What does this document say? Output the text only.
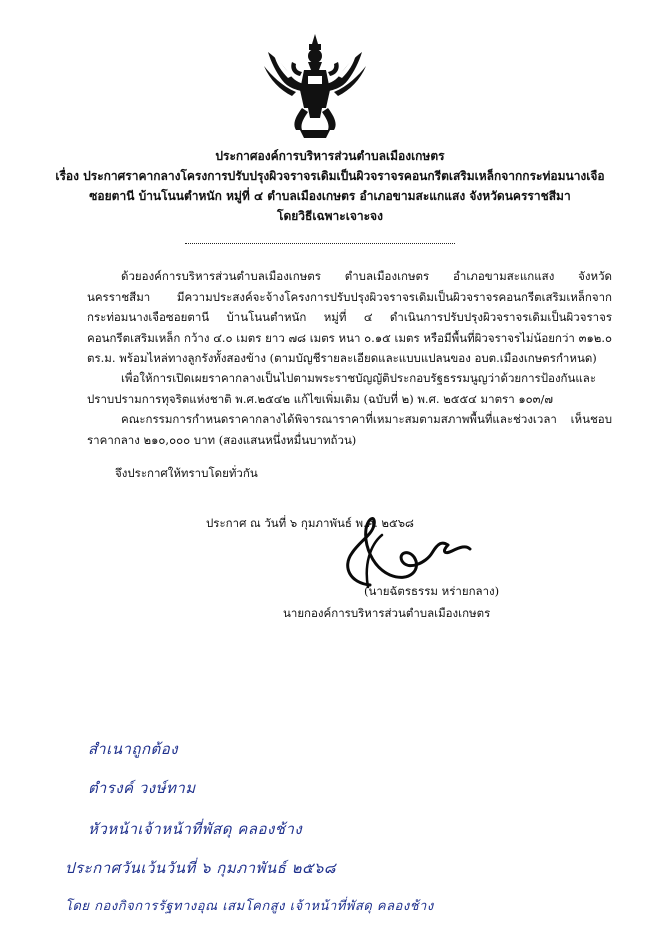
ประกาศองค์การบริหารส่วนตำบลเมืองเกษตร
เรื่อง ประกาศราคากลางโครงการปรับปรุงผิวจราจรเดิมเป็นผิวจราจรคอนกรีตเสริมเหล็กจากกระท่อมนางเจือ
ซอยตานี บ้านโนนตำหนัก หมู่ที่ ๔ ตำบลเมืองเกษตร อำเภอขามสะแกแสง จังหวัดนครราชสีมา
โดยวิธีเฉพาะเจาะจง
ด้วยองค์การบริหารส่วนตำบลเมืองเกษตร ตำบลเมืองเกษตร อำเภอขามสะแกแสง จังหวัดนครราชสีมา มีความประสงค์จะจ้างโครงการปรับปรุงผิวจราจรเดิมเป็นผิวจราจรคอนกรีตเสริมเหล็กจากกระท่อมนางเจือซอยตานี บ้านโนนตำหนัก หมู่ที่ ๔ ดำเนินการปรับปรุงผิวจราจรเดิมเป็นผิวจราจรคอนกรีตเสริมเหล็ก กว้าง ๔.๐ เมตร ยาว ๗๘ เมตร หนา ๐.๑๕ เมตร หรือมีพื้นที่ผิวจราจรไม่น้อยกว่า ๓๑๒.๐ ตร.ม. พร้อมไหล่ทางลูกรังทั้งสองข้าง (ตามบัญชีรายละเอียดและแบบแปลนของ อบต.เมืองเกษตรกำหนด)
เพื่อให้การเปิดเผยราคากลางเป็นไปตามพระราชบัญญัติประกอบรัฐธรรมนูญว่าด้วยการป้องกันและปราบปรามการทุจริตแห่งชาติ พ.ศ.๒๕๔๒ แก้ไขเพิ่มเติม (ฉบับที่ ๒) พ.ศ. ๒๕๕๔ มาตรา ๑๐๓/๗
คณะกรรมการกำหนดราคากลางได้พิจารณาราคาที่เหมาะสมตามสภาพพื้นที่และช่วงเวลา เห็นชอบราคากลาง ๒๑๐,๐๐๐ บาท (สองแสนหนึ่งหมื่นบาทถ้วน)
จึงประกาศให้ทราบโดยทั่วกัน
ประกาศ ณ วันที่ ๖ กุมภาพันธ์ พ.ศ. ๒๕๖๘
(นายฉัตรธรรม หร่ายกลาง)
นายกองค์การบริหารส่วนตำบลเมืองเกษตร
สำเนาถูกต้อง
ตำรงค์ วงษ์ทาม
หัวหน้าเจ้าหน้าที่พัสดุ คลองช้าง
ประกาศวันเว้นวันที่ ๖ กุมภาพันธ์ ๒๕๖๘
โดย กองกิจการรัฐทางอุณ เสมโคกสูง เจ้าหน้าที่พัสดุ คลองช้าง
